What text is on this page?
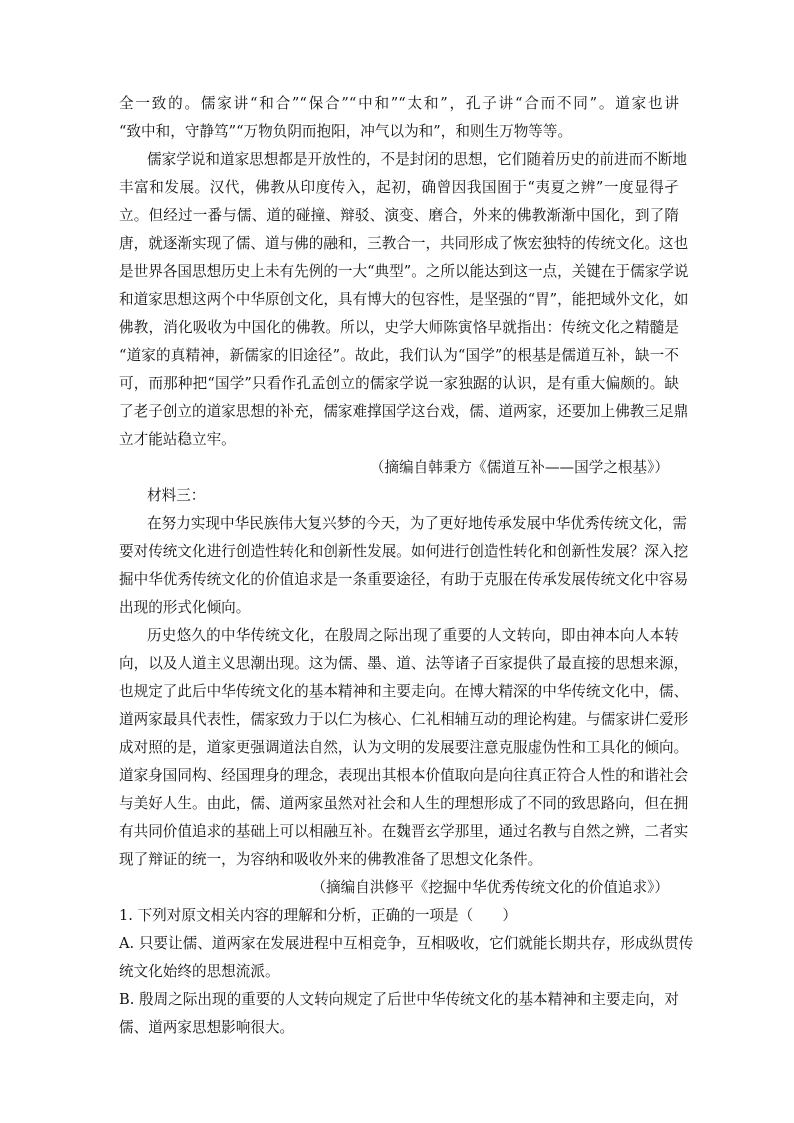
全一致的。儒家讲“和合”“保合”“中和”“太和”，孔子讲“合而不同”。道家也讲
“致中和，守静笃”“万物负阴而抱阳，冲气以为和”，和则生万物等等。
儒家学说和道家思想都是开放性的，不是封闭的思想，它们随着历史的前进而不断地
丰富和发展。汉代，佛教从印度传入，起初，确曾因我国囿于“夷夏之辨”一度显得孑
立。但经过一番与儒、道的碰撞、辩驳、演变、磨合，外来的佛教渐渐中国化，到了隋
唐，就逐渐实现了儒、道与佛的融和，三教合一，共同形成了恢宏独特的传统文化。这也
是世界各国思想历史上未有先例的一大“典型”。之所以能达到这一点，关键在于儒家学说
和道家思想这两个中华原创文化，具有博大的包容性，是坚强的“胃”，能把域外文化，如
佛教，消化吸收为中国化的佛教。所以，史学大师陈寅恪早就指出：传统文化之精髓是
“道家的真精神，新儒家的旧途径”。故此，我们认为“国学”的根基是儒道互补，缺一不
可，而那种把“国学”只看作孔孟创立的儒家学说一家独踞的认识，是有重大偏颇的。缺
了老子创立的道家思想的补充，儒家难撑国学这台戏，儒、道两家，还要加上佛教三足鼎
立才能站稳立牢。
（摘编自韩秉方《儒道互补——国学之根基》）
材料三：
在努力实现中华民族伟大复兴梦的今天，为了更好地传承发展中华优秀传统文化，需
要对传统文化进行创造性转化和创新性发展。如何进行创造性转化和创新性发展？深入挖
掘中华优秀传统文化的价值追求是一条重要途径，有助于克服在传承发展传统文化中容易
出现的形式化倾向。
历史悠久的中华传统文化，在殷周之际出现了重要的人文转向，即由神本向人本转
向，以及人道主义思潮出现。这为儒、墨、道、法等诸子百家提供了最直接的思想来源，
也规定了此后中华传统文化的基本精神和主要走向。在博大精深的中华传统文化中，儒、
道两家最具代表性，儒家致力于以仁为核心、仁礼相辅互动的理论构建。与儒家讲仁爱形
成对照的是，道家更强调道法自然，认为文明的发展要注意克服虚伪性和工具化的倾向。
道家身国同构、经国理身的理念，表现出其根本价值取向是向往真正符合人性的和谐社会
与美好人生。由此，儒、道两家虽然对社会和人生的理想形成了不同的致思路向，但在拥
有共同价值追求的基础上可以相融互补。在魏晋玄学那里，通过名教与自然之辨，二者实
现了辩证的统一，为容纳和吸收外来的佛教准备了思想文化条件。
（摘编自洪修平《挖掘中华优秀传统文化的价值追求》）
1. 下列对原文相关内容的理解和分析，正确的一项是（　　）
A. 只要让儒、道两家在发展进程中互相竞争，互相吸收，它们就能长期共存，形成纵贯传
统文化始终的思想流派。
B. 殷周之际出现的重要的人文转向规定了后世中华传统文化的基本精神和主要走向，对
儒、道两家思想影响很大。
